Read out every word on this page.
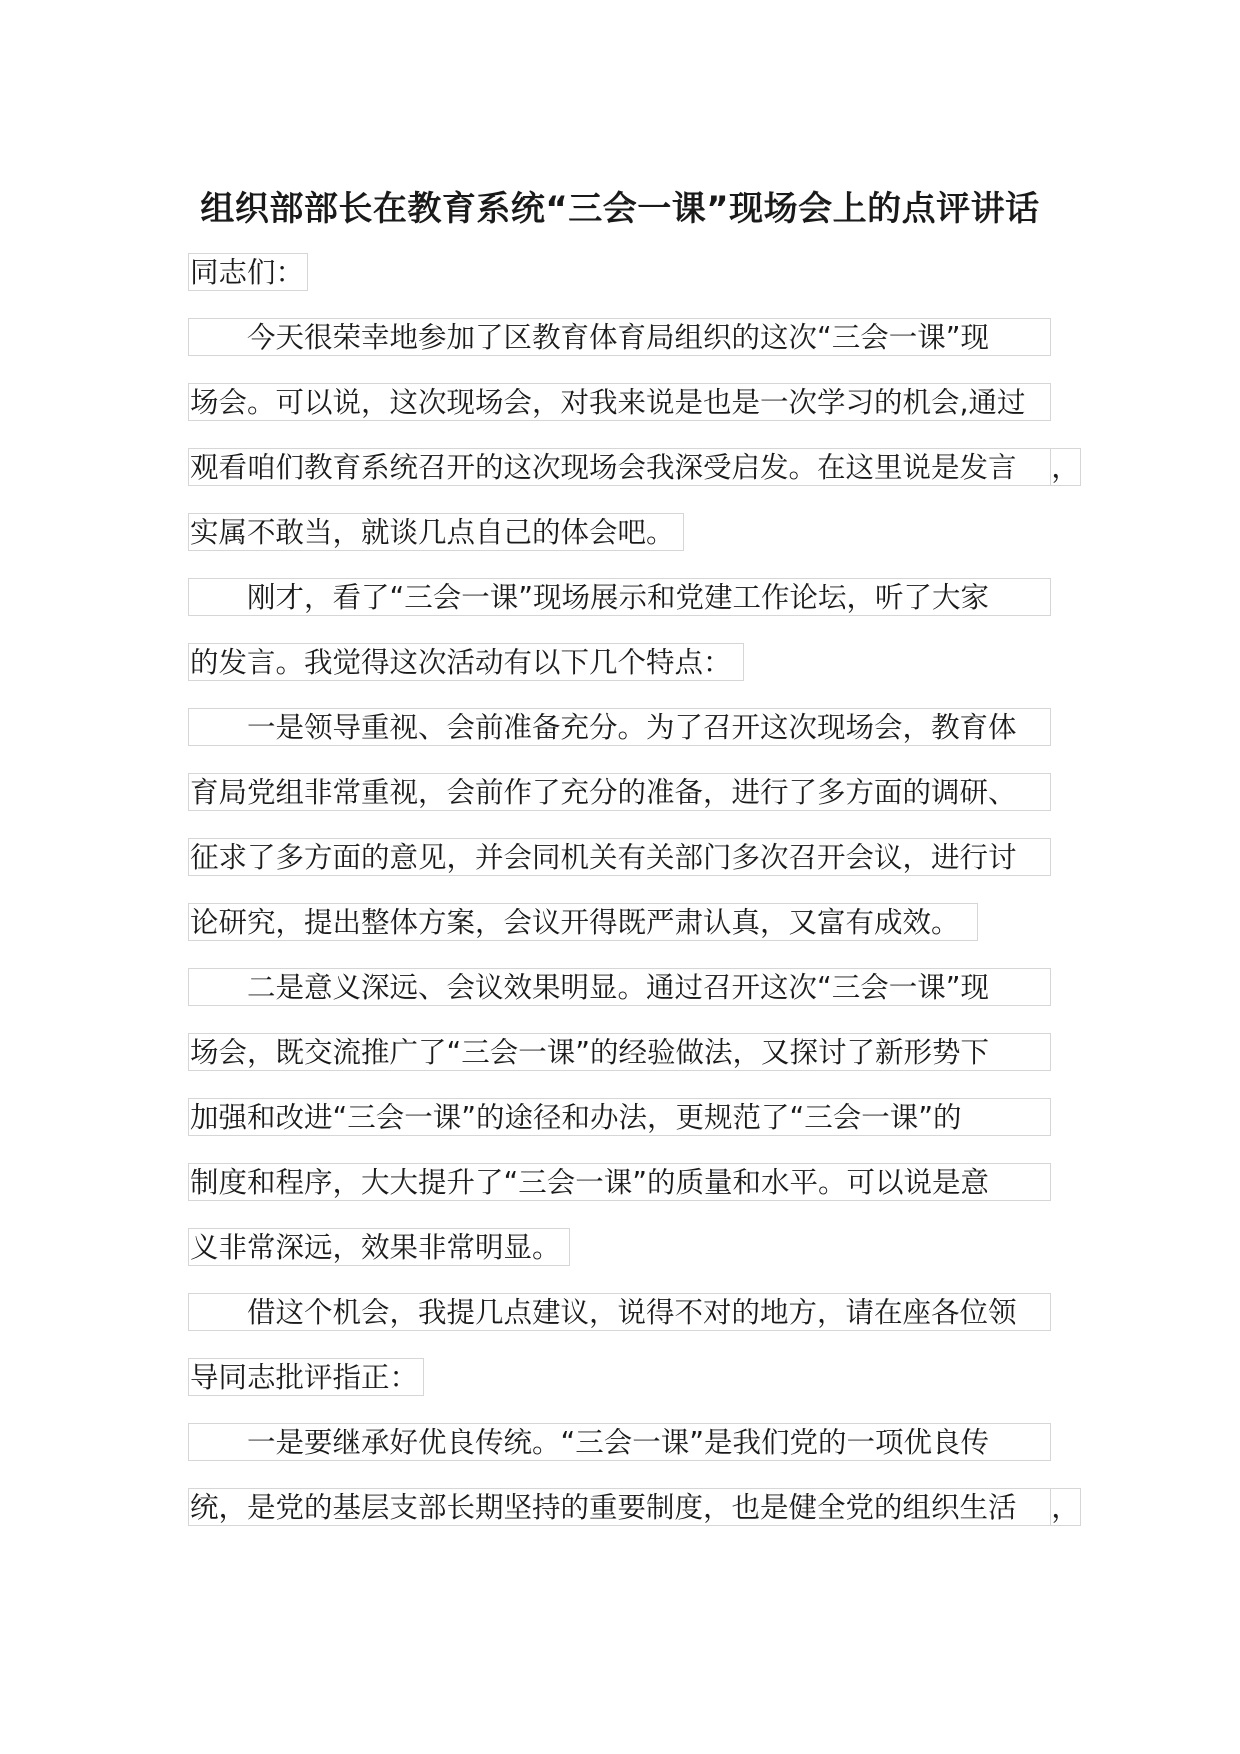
组织部部长在教育系统“三会一课”现场会上的点评讲话
同志们：
今天很荣幸地参加了区教育体育局组织的这次“三会一课”现
场会。可以说，这次现场会，对我来说是也是一次学习的机会,通过
观看咱们教育系统召开的这次现场会我深受启发。在这里说是发言	，
实属不敢当，就谈几点自己的体会吧。
刚才，看了“三会一课”现场展示和党建工作论坛，听了大家
的发言。我觉得这次活动有以下几个特点：
一是领导重视、会前准备充分。为了召开这次现场会，教育体
育局党组非常重视，会前作了充分的准备，进行了多方面的调研、
征求了多方面的意见，并会同机关有关部门多次召开会议，进行讨
论研究，提出整体方案，会议开得既严肃认真，又富有成效。
二是意义深远、会议效果明显。通过召开这次“三会一课”现
场会，既交流推广了“三会一课”的经验做法，又探讨了新形势下
加强和改进“三会一课”的途径和办法，更规范了“三会一课”的
制度和程序，大大提升了“三会一课”的质量和水平。可以说是意
义非常深远，效果非常明显。
借这个机会，我提几点建议，说得不对的地方，请在座各位领
导同志批评指正：
一是要继承好优良传统。“三会一课”是我们党的一项优良传
统，是党的基层支部长期坚持的重要制度，也是健全党的组织生活	，
